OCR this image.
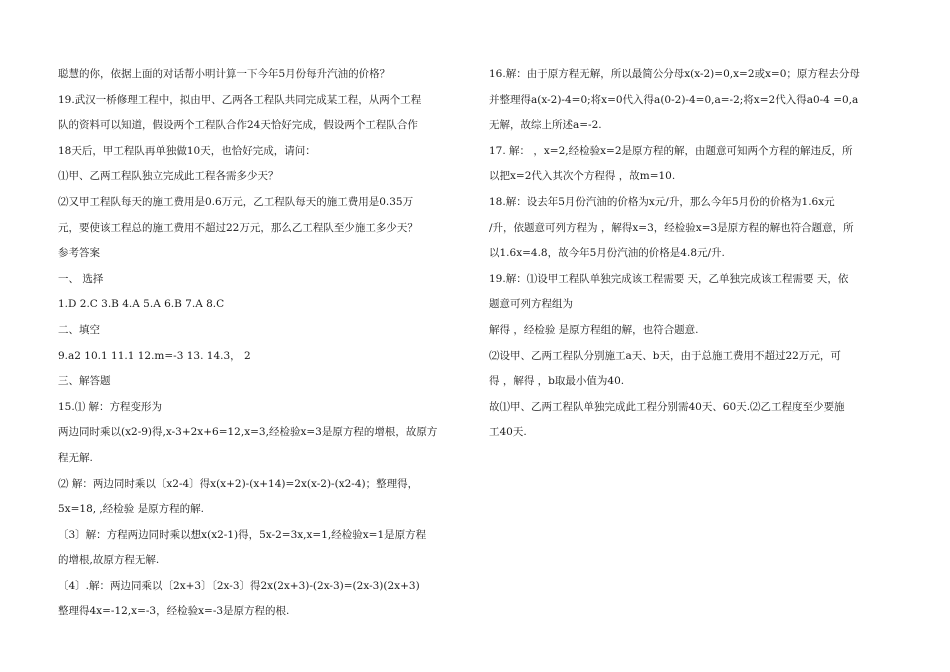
聪慧的你，依据上面的对话帮小明计算一下今年5月份每升汽油的价格？
19.武汉一桥修理工程中，拟由甲、乙两各工程队共同完成某工程，从两个工程
队的资料可以知道，假设两个工程队合作24天恰好完成，假设两个工程队合作
18天后，甲工程队再单独做10天，也恰好完成，请问：
⑴甲、乙两工程队独立完成此工程各需多少天？
⑵又甲工程队每天的施工费用是0.6万元，乙工程队每天的施工费用是0.35万
元，要使该工程总的施工费用不超过22万元，那么乙工程队至少施工多少天？
参考答案
一、 选择
1.D 2.C 3.B 4.A 5.A 6.B 7.A 8.C
二、填空
9.a2 10.1 11.1 12.m=-3 13. 14.3， 2
三、解答题
15.⑴ 解：方程变形为
两边同时乘以(x2-9)得,x-3+2x+6=12,x=3,经检验x=3是原方程的增根，故原方
程无解.
⑵ 解：两边同时乘以〔x2-4〕得x(x+2)-(x+14)=2x(x-2)-(x2-4)；整理得，
5x=18, ,经检验 是原方程的解.
〔3〕解：方程两边同时乘以想x(x2-1)得，5x-2=3x,x=1,经检验x=1是原方程
的增根,故原方程无解.
〔4〕.解：两边同乘以〔2x+3〕〔2x-3〕得2x(2x+3)-(2x-3)=(2x-3)(2x+3)
整理得4x=-12,x=-3，经检验x=-3是原方程的根.
16.解：由于原方程无解，所以最简公分母x(x-2)=0,x=2或x=0；原方程去分母
并整理得a(x-2)-4=0;将x=0代入得a(0-2)-4=0,a=-2;将x=2代入得a0-4 =0,a
无解，故综上所述a=-2.
17. 解： ，x=2,经检验x=2是原方程的解，由题意可知两个方程的解违反，所
以把x=2代入其次个方程得 ，故m=10.
18.解：设去年5月份汽油的价格为x元/升，那么今年5月份的价格为1.6x元
/升，依题意可列方程为 ，解得x=3，经检验x=3是原方程的解也符合题意，所
以1.6x=4.8，故今年5月份汽油的价格是4.8元/升.
19.解：⑴设甲工程队单独完成该工程需要 天，乙单独完成该工程需要 天，依
题意可列方程组为
解得 ，经检验 是原方程组的解，也符合题意.
⑵设甲、乙两工程队分别施工a天、b天，由于总施工费用不超过22万元，可
得 ，解得 ，b取最小值为40.
故⑴甲、乙两工程队单独完成此工程分别需40天、60天.⑵乙工程度至少要施
工40天.
